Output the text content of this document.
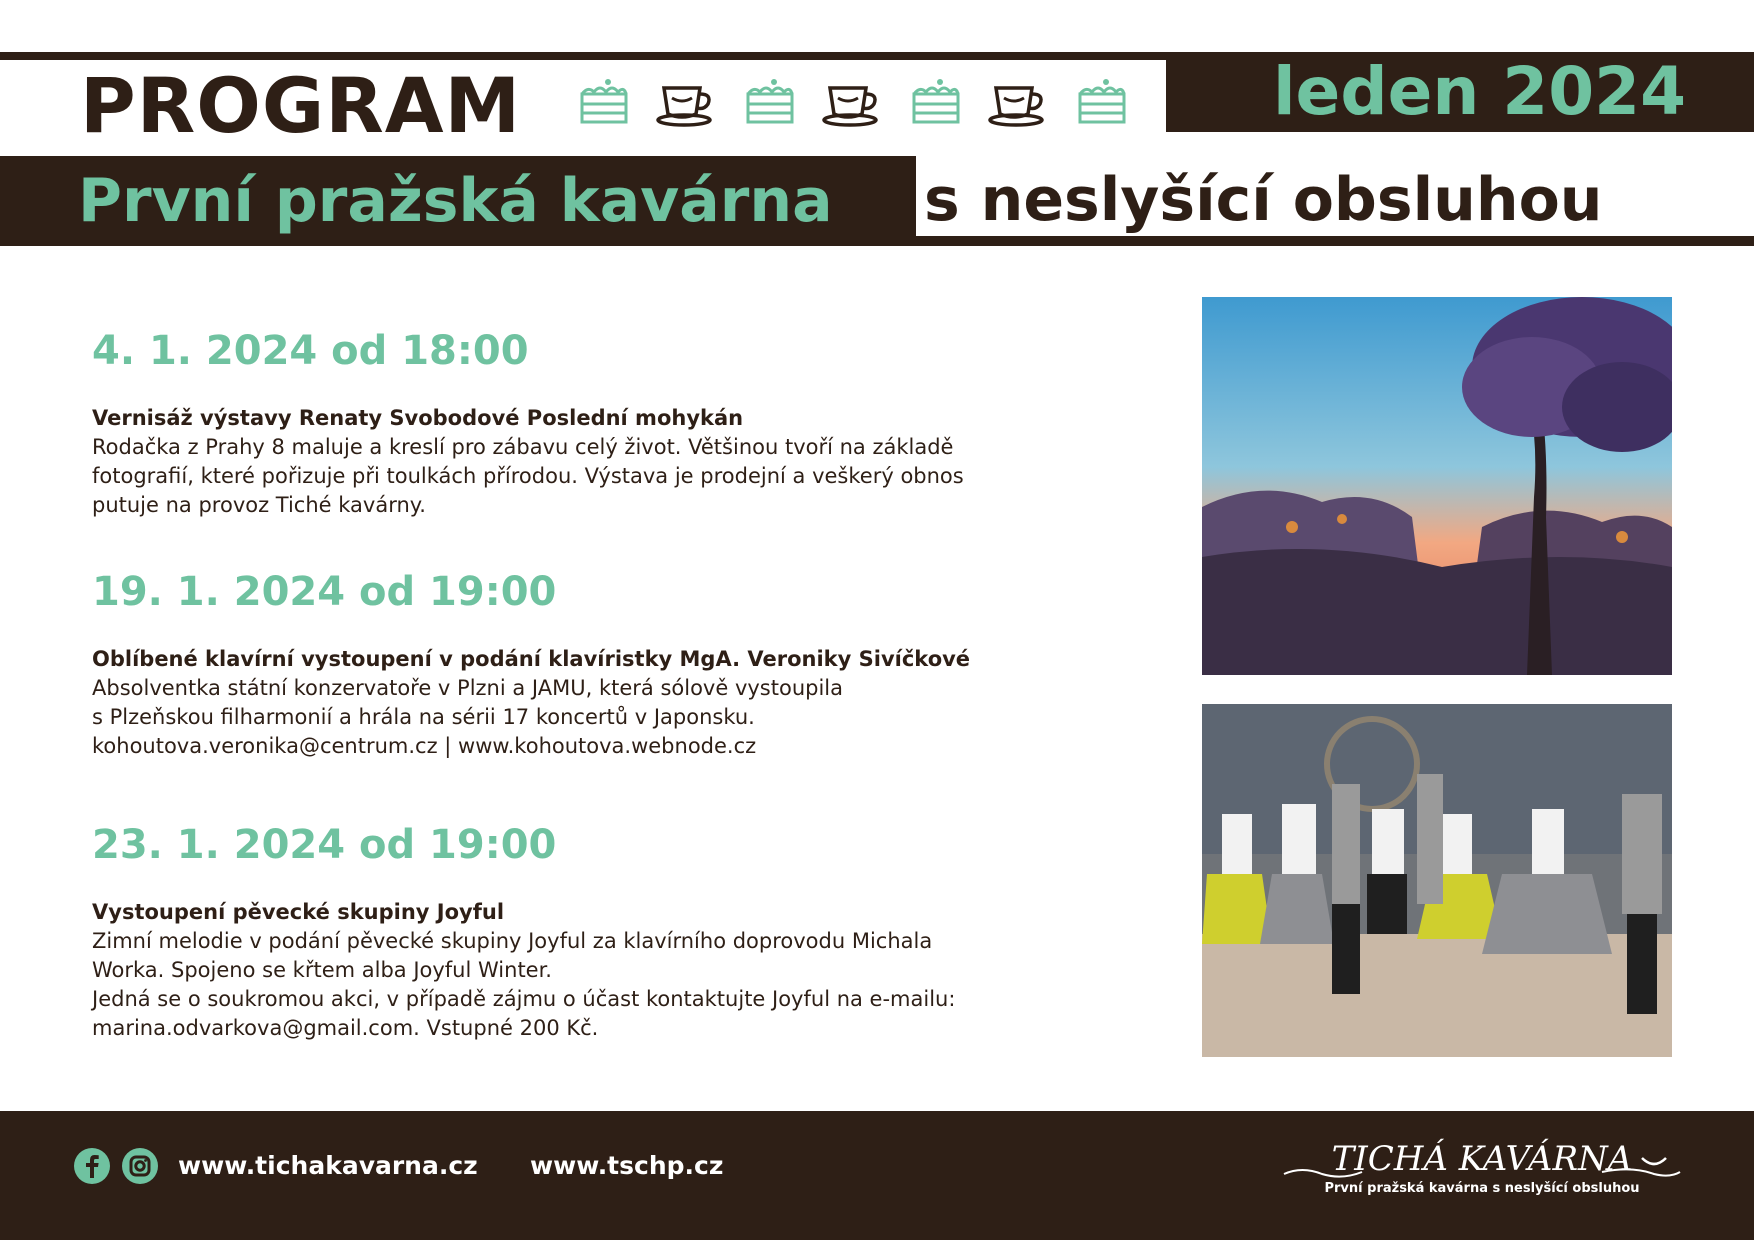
PROGRAM	leden 2024
První pražská kavárna s neslyšící obsluhou
4. 1. 2024 od 18:00
Vernisáž výstavy Renaty Svobodové Poslední mohykán
Rodačka z Prahy 8 maluje a kreslí pro zábavu celý život. Většinou tvoří na základě
fotografií, které pořizuje při toulkách přírodou. Výstava je prodejní a veškerý obnos
putuje na provoz Tiché kavárny.
19. 1. 2024 od 19:00
Oblíbené klavírní vystoupení v podání klavíristky MgA. Veroniky Sivíčkové
Absolventka státní konzervatoře v Plzni a JAMU, která sólově vystoupila
s Plzeňskou filharmonií a hrála na sérii 17 koncertů v Japonsku.
kohoutova.veronika@centrum.cz | www.kohoutova.webnode.cz
23. 1. 2024 od 19:00
Vystoupení pěvecké skupiny Joyful
Zimní melodie v podání pěvecké skupiny Joyful za klavírního doprovodu Michala
Worka. Spojeno se křtem alba Joyful Winter.
Jedná se o soukromou akci, v případě zájmu o účast kontaktujte Joyful na e-mailu:
marina.odvarkova@gmail.com. Vstupné 200 Kč.
www.tichakavarna.cz www.tschp.cz	TICHÁ KAVÁRNA
První pražská kavárna s neslyšící obsluhou
